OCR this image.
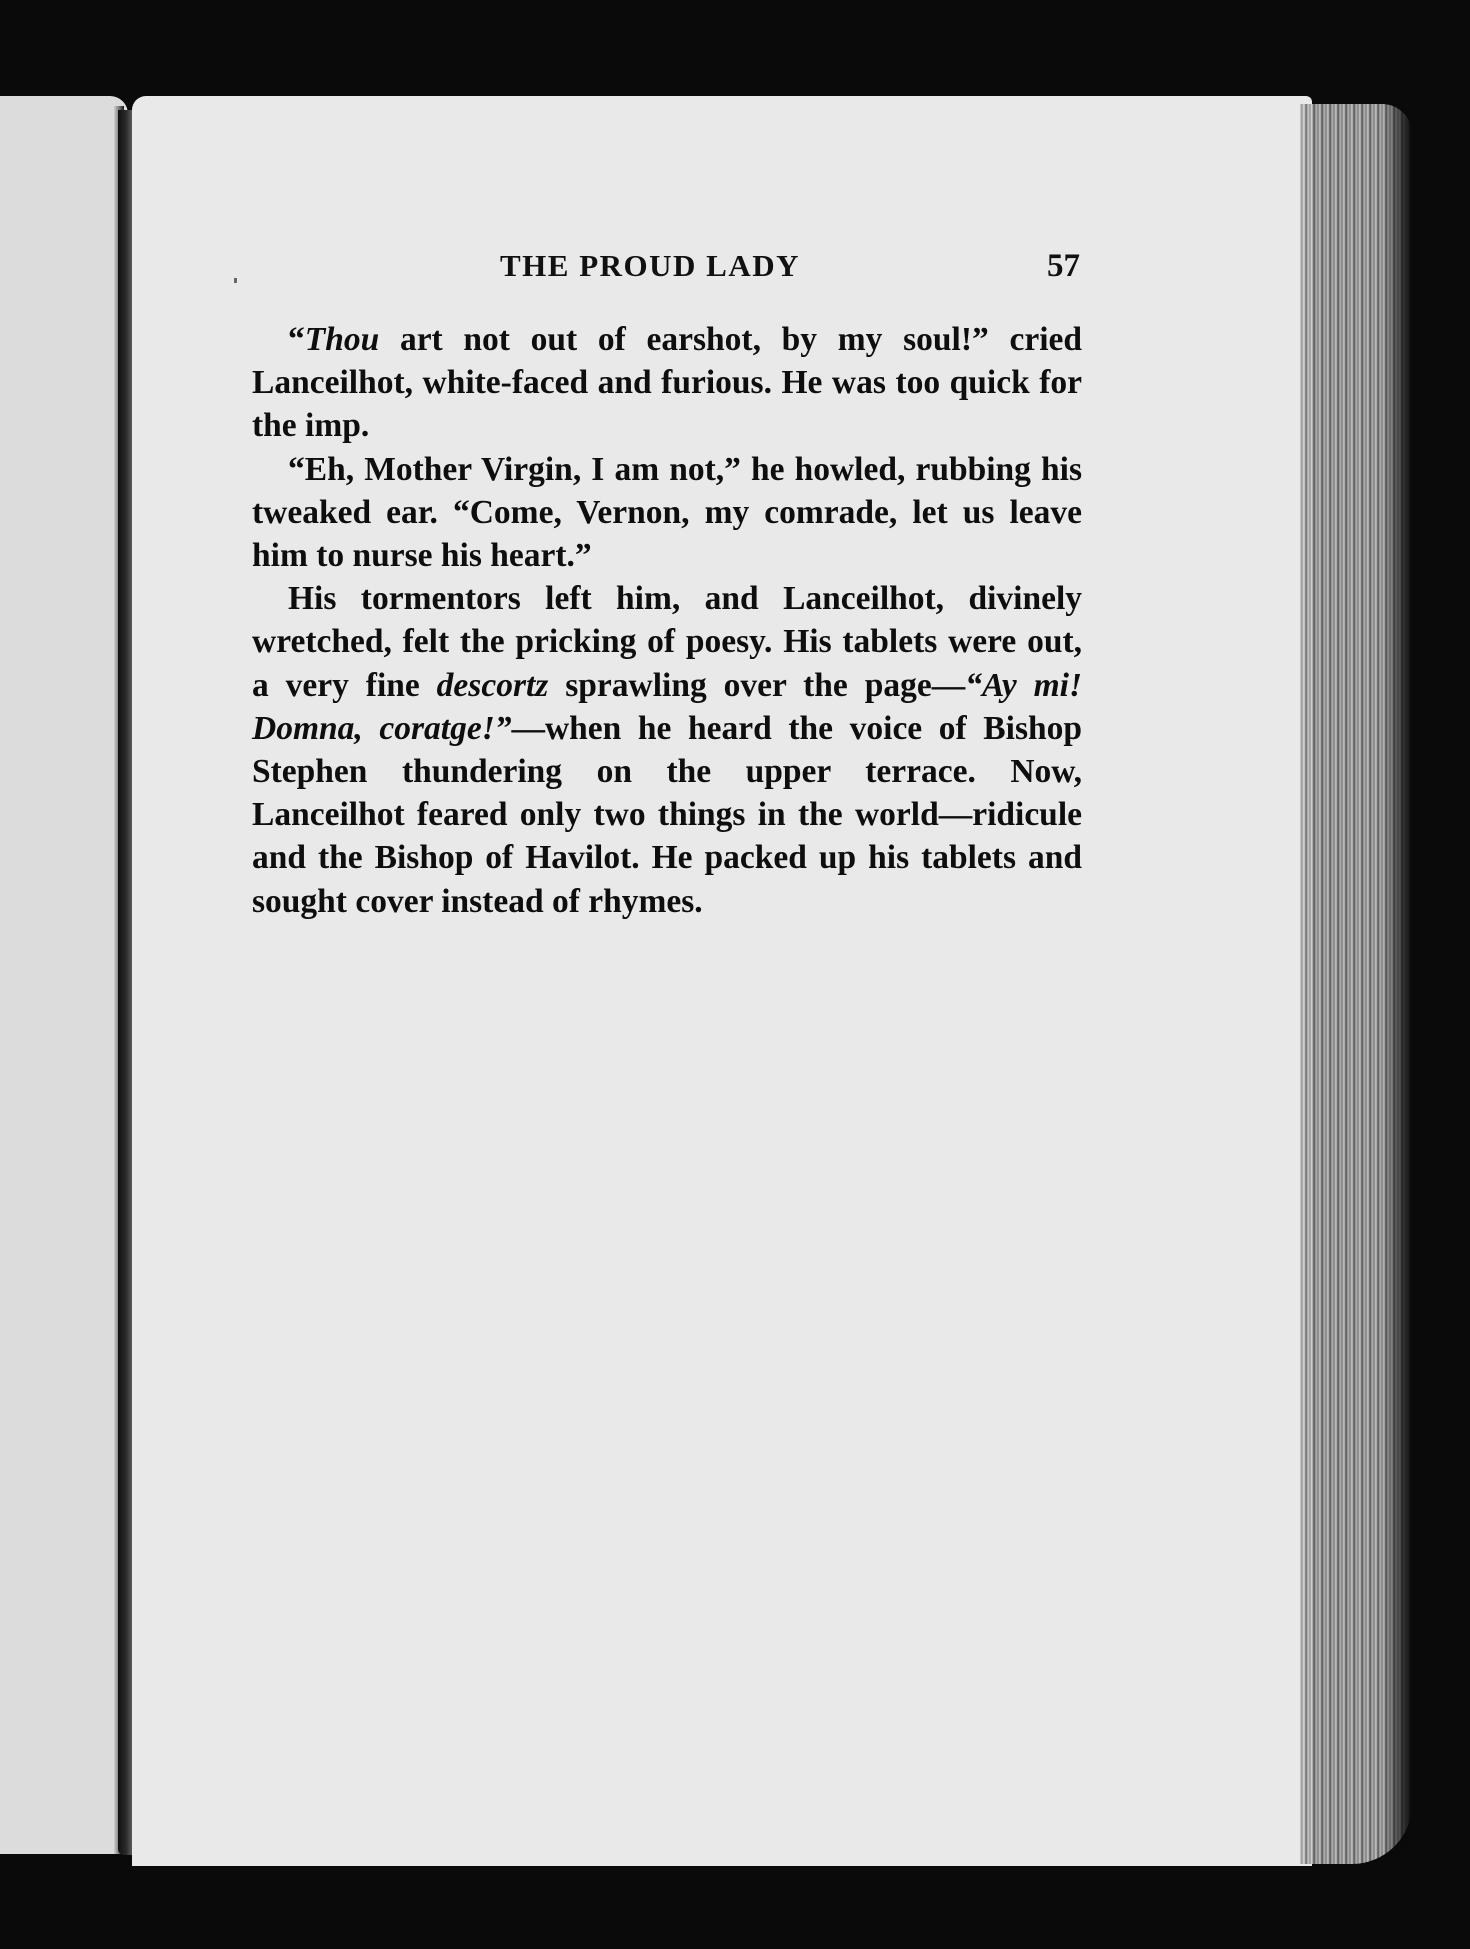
THE PROUD LADY	57

“Thou art not out of earshot, by my soul!” cried Lanceilhot, white-faced and furious. He was too quick for the imp.

“Eh, Mother Virgin, I am not,” he howled, rubbing his tweaked ear. “Come, Vernon, my comrade, let us leave him to nurse his heart.”

His tormentors left him, and Lanceilhot, divinely wretched, felt the pricking of poesy. His tablets were out, a very fine descortz sprawling over the page—“Ay mi! Domna, coratge!”—when he heard the voice of Bishop Stephen thundering on the upper terrace. Now, Lanceilhot feared only two things in the world—ridicule and the Bishop of Havilot. He packed up his tablets and sought cover instead of rhymes.
